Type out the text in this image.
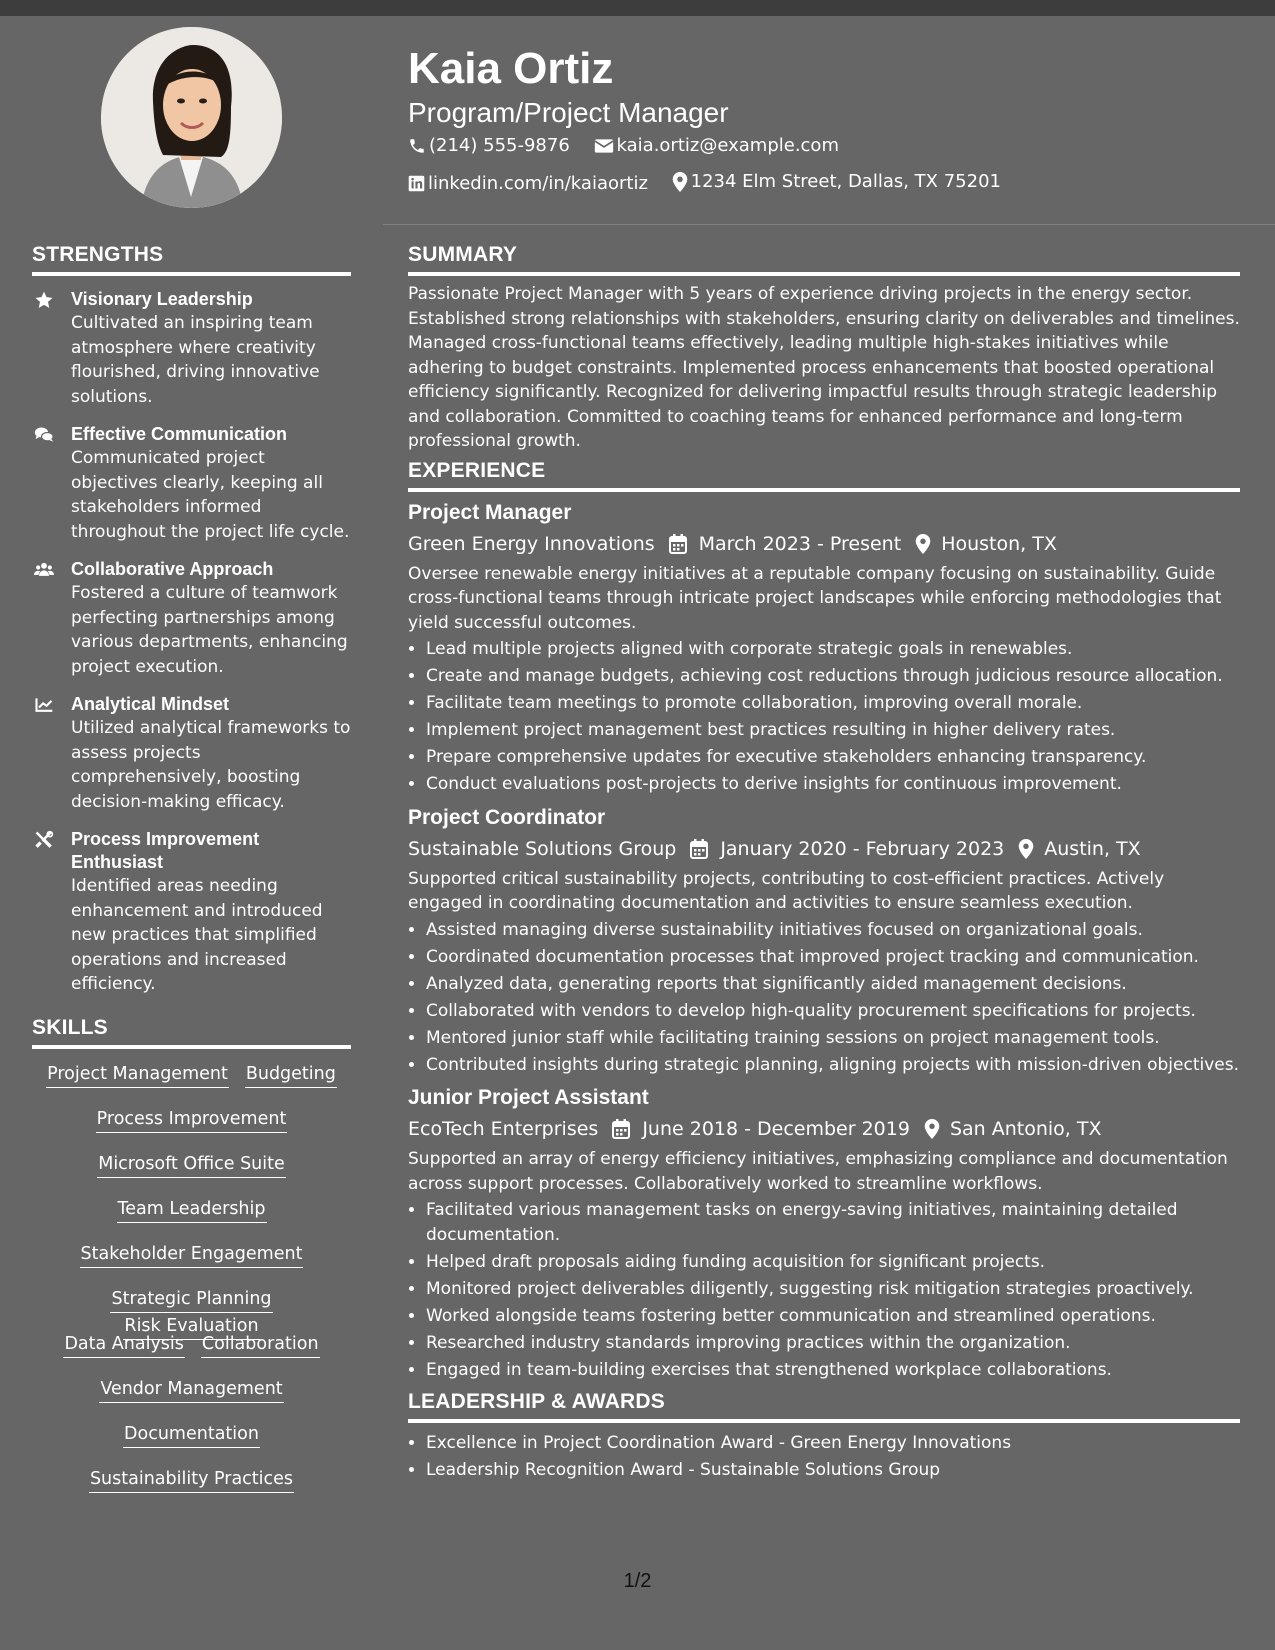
STRENGTHS
Visionary Leadership
Cultivated an inspiring team atmosphere where creativity flourished, driving innovative solutions.
Effective Communication
Communicated project objectives clearly, keeping all stakeholders informed throughout the project life cycle.
Collaborative Approach
Fostered a culture of teamwork perfecting partnerships among various departments, enhancing project execution.
Analytical Mindset
Utilized analytical frameworks to assess projects comprehensively, boosting decision-making efficacy.
Process Improvement Enthusiast
Identified areas needing enhancement and introduced new practices that simplified operations and increased efficiency.
SKILLS
Project Management Budgeting
Process Improvement
Microsoft Office Suite
Team Leadership
Stakeholder Engagement
Strategic PlanningRisk Evaluation
Data Analysis Collaboration
Vendor Management
Documentation
Sustainability Practices
Kaia Ortiz
Program/Project Manager
(214) 555-9876
	kaia.ortiz@example.com
linkedin.com/in/kaiaortiz
1234 Elm Street, Dallas, TX 75201
SUMMARY

Passionate Project Manager with 5 years of experience driving projects in the energy sector. Established strong relationships with stakeholders, ensuring clarity on deliverables and timelines. Managed cross-functional teams effectively, leading multiple high-stakes initiatives while adhering to budget constraints. Implemented process enhancements that boosted operational efficiency significantly. Recognized for delivering impactful results through strategic leadership and collaboration. Committed to coaching teams for enhanced performance and long-term professional growth.

EXPERIENCE
Project Manager
Green Energy Innovations March 2023 - Present Houston, TX
Oversee renewable energy initiatives at a reputable company focusing on sustainability. Guide cross-functional teams through intricate project landscapes while enforcing methodologies that yield successful outcomes.
• Lead multiple projects aligned with corporate strategic goals in renewables.
• Create and manage budgets, achieving cost reductions through judicious resource allocation.
• Facilitate team meetings to promote collaboration, improving overall morale.
• Implement project management best practices resulting in higher delivery rates.
• Prepare comprehensive updates for executive stakeholders enhancing transparency.
• Conduct evaluations post-projects to derive insights for continuous improvement.
Project Coordinator
Sustainable Solutions Group January 2020 - February 2023 Austin, TX
Supported critical sustainability projects, contributing to cost-efficient practices. Actively engaged in coordinating documentation and activities to ensure seamless execution.
• Assisted managing diverse sustainability initiatives focused on organizational goals.
• Coordinated documentation processes that improved project tracking and communication.
• Analyzed data, generating reports that significantly aided management decisions.
• Collaborated with vendors to develop high-quality procurement specifications for projects.
• Mentored junior staff while facilitating training sessions on project management tools.
• Contributed insights during strategic planning, aligning projects with mission-driven objectives.
Junior Project Assistant
EcoTech Enterprises June 2018 - December 2019 San Antonio, TX
Supported an array of energy efficiency initiatives, emphasizing compliance and documentation across support processes. Collaboratively worked to streamline workflows.
• Facilitated various management tasks on energy-saving initiatives, maintaining detailed documentation.
• Helped draft proposals aiding funding acquisition for significant projects.
• Monitored project deliverables diligently, suggesting risk mitigation strategies proactively.
• Worked alongside teams fostering better communication and streamlined operations.
• Researched industry standards improving practices within the organization.
• Engaged in team-building exercises that strengthened workplace collaborations.
LEADERSHIP & AWARDS
• Excellence in Project Coordination Award - Green Energy Innovations
• Leadership Recognition Award - Sustainable Solutions Group
1/2
